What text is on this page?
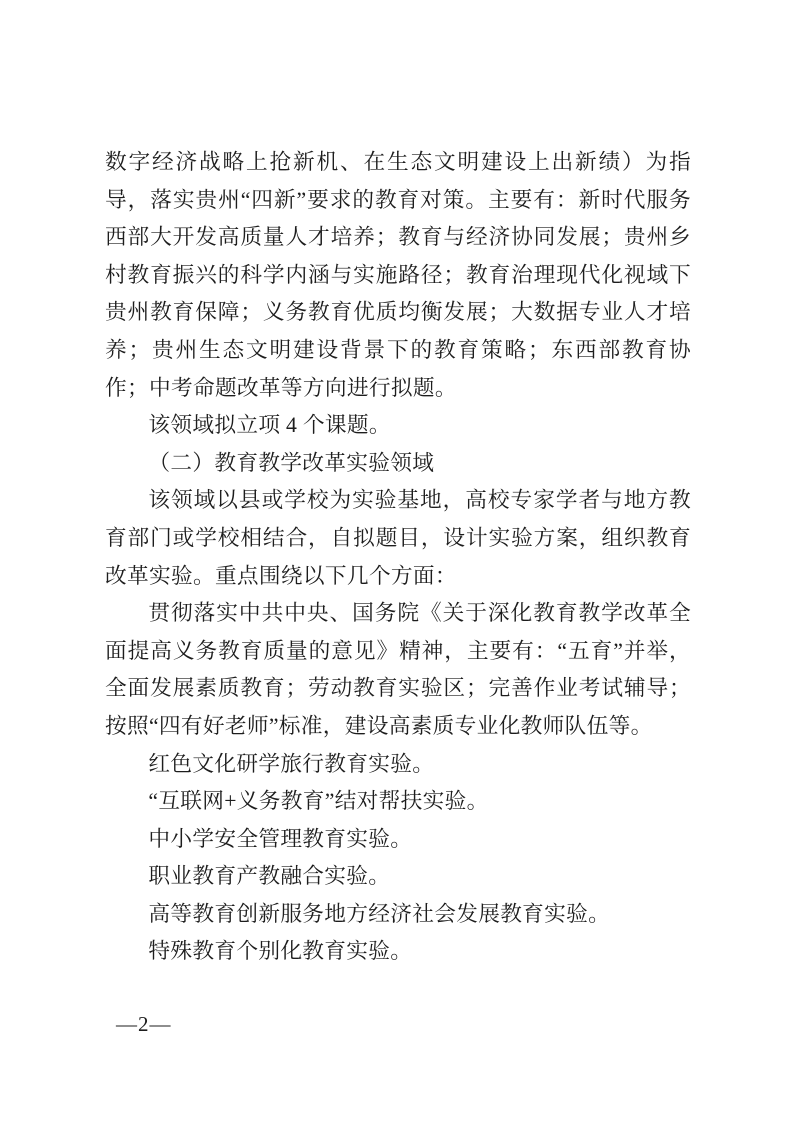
数字经济战略上抢新机、在生态文明建设上出新绩）为指导，落实贵州“四新”要求的教育对策。主要有：新时代服务西部大开发高质量人才培养；教育与经济协同发展；贵州乡村教育振兴的科学内涵与实施路径；教育治理现代化视域下贵州教育保障；义务教育优质均衡发展；大数据专业人才培养；贵州生态文明建设背景下的教育策略；东西部教育协作；中考命题改革等方向进行拟题。

该领域拟立项 4 个课题。

（二）教育教学改革实验领域

该领域以县或学校为实验基地，高校专家学者与地方教育部门或学校相结合，自拟题目，设计实验方案，组织教育改革实验。重点围绕以下几个方面：

贯彻落实中共中央、国务院《关于深化教育教学改革全面提高义务教育质量的意见》精神，主要有：“五育”并举，全面发展素质教育；劳动教育实验区；完善作业考试辅导；按照“四有好老师”标准，建设高素质专业化教师队伍等。

红色文化研学旅行教育实验。

“互联网+义务教育”结对帮扶实验。

中小学安全管理教育实验。

职业教育产教融合实验。

高等教育创新服务地方经济社会发展教育实验。

特殊教育个别化教育实验。

—2—
